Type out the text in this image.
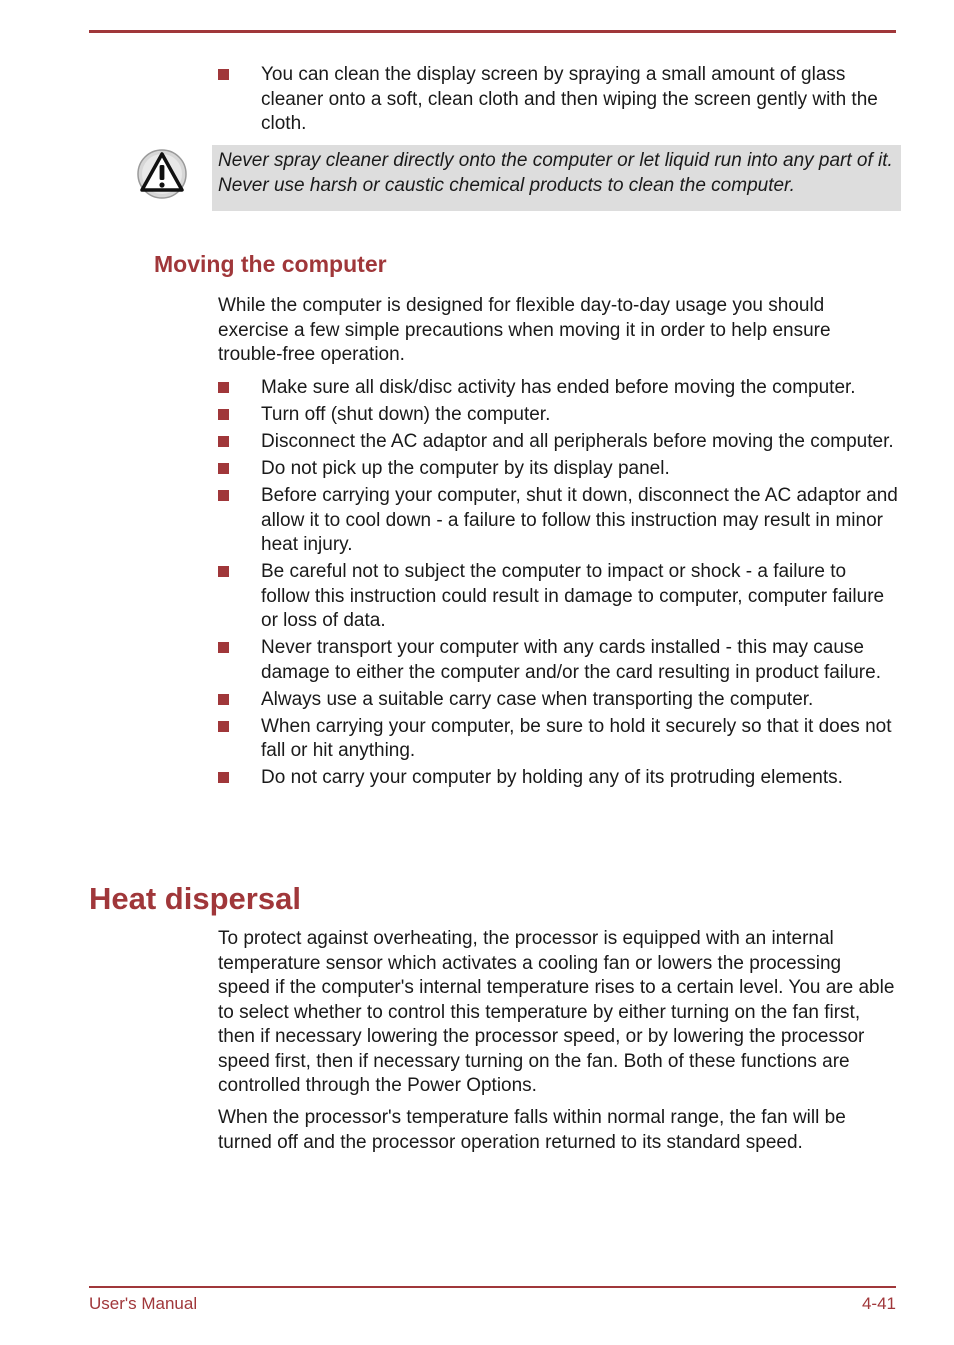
You can clean the display screen by spraying a small amount of glass cleaner onto a soft, clean cloth and then wiping the screen gently with the cloth.
Never spray cleaner directly onto the computer or let liquid run into any part of it. Never use harsh or caustic chemical products to clean the computer.
Moving the computer

While the computer is designed for flexible day-to-day usage you should exercise a few simple precautions when moving it in order to help ensure trouble-free operation.

Make sure all disk/disc activity has ended before moving the computer.
Turn off (shut down) the computer.
Disconnect the AC adaptor and all peripherals before moving the computer.
Do not pick up the computer by its display panel.
Before carrying your computer, shut it down, disconnect the AC adaptor and allow it to cool down - a failure to follow this instruction may result in minor heat injury.
Be careful not to subject the computer to impact or shock - a failure to follow this instruction could result in damage to computer, computer failure or loss of data.
Never transport your computer with any cards installed - this may cause damage to either the computer and/or the card resulting in product failure.
Always use a suitable carry case when transporting the computer.
When carrying your computer, be sure to hold it securely so that it does not fall or hit anything.
Do not carry your computer by holding any of its protruding elements.
Heat dispersal

To protect against overheating, the processor is equipped with an internal temperature sensor which activates a cooling fan or lowers the processing speed if the computer's internal temperature rises to a certain level. You are able to select whether to control this temperature by either turning on the fan first, then if necessary lowering the processor speed, or by lowering the processor speed first, then if necessary turning on the fan. Both of these functions are controlled through the Power Options.

When the processor's temperature falls within normal range, the fan will be turned off and the processor operation returned to its standard speed.

User's Manual	4-41
